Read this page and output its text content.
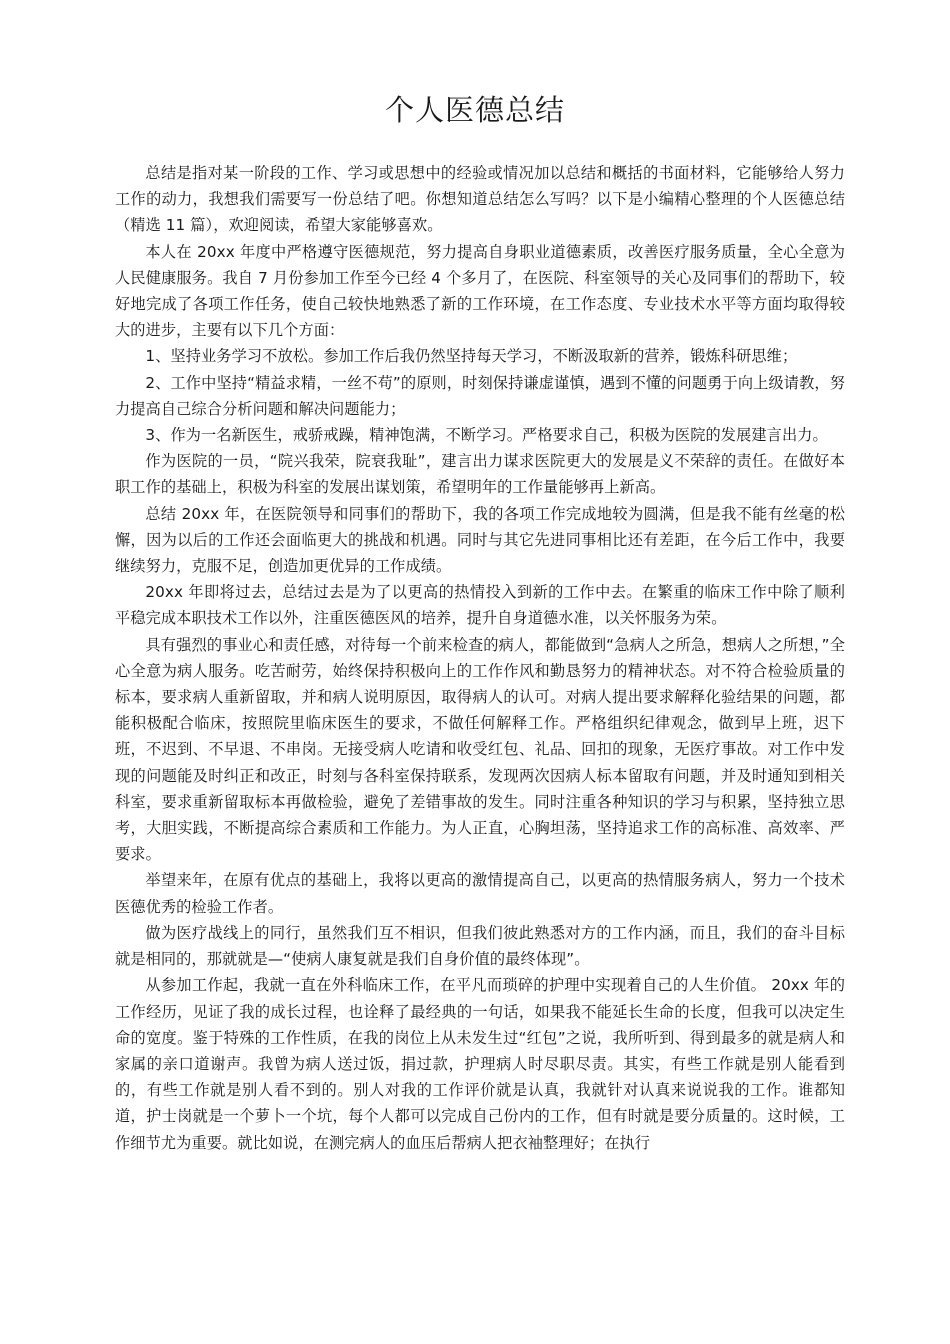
个人医德总结

总结是指对某一阶段的工作、学习或思想中的经验或情况加以总结和概括的书面材料，它能够给人努力工作的动力，我想我们需要写一份总结了吧。你想知道总结怎么写吗？以下是小编精心整理的个人医德总结（精选 11 篇），欢迎阅读，希望大家能够喜欢。

本人在 20xx 年度中严格遵守医德规范，努力提高自身职业道德素质，改善医疗服务质量，全心全意为人民健康服务。我自 7 月份参加工作至今已经 4 个多月了，在医院、科室领导的关心及同事们的帮助下，较好地完成了各项工作任务，使自己较快地熟悉了新的工作环境，在工作态度、专业技术水平等方面均取得较大的进步，主要有以下几个方面：

1、坚持业务学习不放松。参加工作后我仍然坚持每天学习，不断汲取新的营养，锻炼科研思维；

2、工作中坚持“精益求精，一丝不苟”的原则，时刻保持谦虚谨慎，遇到不懂的问题勇于向上级请教，努力提高自己综合分析问题和解决问题能力；

3、作为一名新医生，戒骄戒躁，精神饱满，不断学习。严格要求自己，积极为医院的发展建言出力。

作为医院的一员，“院兴我荣，院衰我耻”，建言出力谋求医院更大的发展是义不荣辞的责任。在做好本职工作的基础上，积极为科室的发展出谋划策，希望明年的工作量能够再上新高。

总结 20xx 年，在医院领导和同事们的帮助下，我的各项工作完成地较为圆满，但是我不能有丝毫的松懈，因为以后的工作还会面临更大的挑战和机遇。同时与其它先进同事相比还有差距，在今后工作中，我要继续努力，克服不足，创造加更优异的工作成绩。

20xx 年即将过去，总结过去是为了以更高的热情投入到新的工作中去。在繁重的临床工作中除了顺利平稳完成本职技术工作以外，注重医德医风的培养，提升自身道德水准，以关怀服务为荣。

具有强烈的事业心和责任感，对待每一个前来检查的病人，都能做到“急病人之所急，想病人之所想，”全心全意为病人服务。吃苦耐劳，始终保持积极向上的工作作风和勤恳努力的精神状态。对不符合检验质量的标本，要求病人重新留取，并和病人说明原因，取得病人的认可。对病人提出要求解释化验结果的问题，都能积极配合临床，按照院里临床医生的要求，不做任何解释工作。严格组织纪律观念，做到早上班，迟下班，不迟到、不早退、不串岗。无接受病人吃请和收受红包、礼品、回扣的现象，无医疗事故。对工作中发现的问题能及时纠正和改正，时刻与各科室保持联系，发现两次因病人标本留取有问题，并及时通知到相关科室，要求重新留取标本再做检验，避免了差错事故的发生。同时注重各种知识的学习与积累，坚持独立思考，大胆实践，不断提高综合素质和工作能力。为人正直，心胸坦荡，坚持追求工作的高标准、高效率、严要求。

举望来年，在原有优点的基础上，我将以更高的激情提高自己，以更高的热情服务病人，努力一个技术医德优秀的检验工作者。

做为医疗战线上的同行，虽然我们互不相识，但我们彼此熟悉对方的工作内涵，而且，我们的奋斗目标就是相同的，那就就是—“使病人康复就是我们自身价值的最终体现”。

从参加工作起，我就一直在外科临床工作，在平凡而琐碎的护理中实现着自己的人生价值。 20xx 年的工作经历，见证了我的成长过程，也诠释了最经典的一句话，如果我不能延长生命的长度，但我可以决定生命的宽度。鉴于特殊的工作性质，在我的岗位上从未发生过“红包”之说，我所听到、得到最多的就是病人和家属的亲口道谢声。我曾为病人送过饭，捐过款，护理病人时尽职尽责。其实，有些工作就是别人能看到的，有些工作就是别人看不到的。别人对我的工作评价就是认真，我就针对认真来说说我的工作。谁都知道，护士岗就是一个萝卜一个坑，每个人都可以完成自己份内的工作，但有时就是要分质量的。这时候，工作细节尤为重要。就比如说，在测完病人的血压后帮病人把衣袖整理好；在执行
